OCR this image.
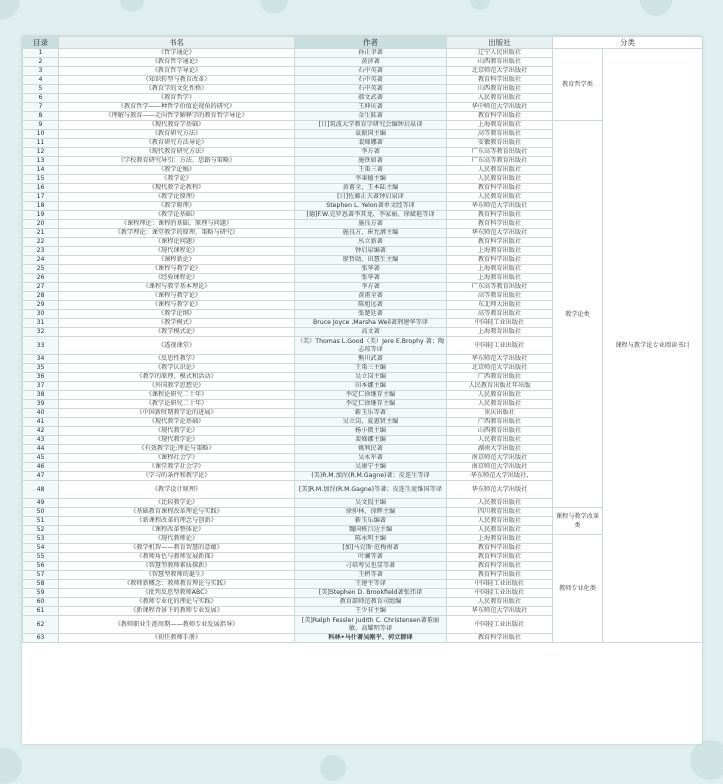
目录	书名	作者	出版社	分类	
1	《哲学通论》	孙正聿著	辽宁人民出版社	教育哲学类	课程与教学论专业阅读书目
2	《教育哲学通论》	黄济著	山西教育出版社		
3	《教育哲学导论》	石中英著	北京师范大学出版社		
4	《知识转型与教育改革》	石中英著	教育科学出版社		
5	《教育学的文化性格》	石中英著	山西教育出版社		
6	《教育哲学》	郝文武著	人民教育出版社		
7	《教育哲学——种哲学价值论视角的研究》	王坤庆著	华中师范大学出版社		
8	《理解与教育——走向哲学解释学的教育哲学导论》	金生鈜著	教育科学出版社		
9	《现代教育学基础》	[日]筑波大学教育学研究会编钟启泉译	上海教育出版社	教学论类	
10	《教育研究方法》	袁振国主编	高等教育出版社		
11	《教育研究方法导论》	裴娣娜著	安徽教育出版社		
12	《现代教育研究方法》	李方著	广东高等教育出版社		
13	《学校教育研究导引：方法、思路与策略》	施铁如著	广东高等教育出版社		
14	《教学论稿》	王策三著	人民教育出版社		
15	《教学论》	李秉德主编	人民教育出版社		
16	《现代教学论教程》	黄甫全、王本陆主编	教育科学出版社		
17	《教学论原理》	[日]佐藤正夫著钟启泉译	人民教育出版社		
18	《教学原理》	Stephen L. Yelon著单文经等译	华东师范大学出版社		
19	《教学论基础》	[德]F.W.克罗恩著李其龙、李家丽、徐斌艳等译	教育科学出版社		
20	《课程理论：课程的基础、原理与问题》	施良方著	教育科学出版社		
21	《教学理论：课堂教学的原理、策略与研究》	施良方、崔允漷主编	华东师范大学出版社		
22	《课程论问题》	丛立新著	教育科学出版社		
23	《现代课程论》	钟启泉编著	上海教育出版社		
24	《课程新论》	廖哲勋、田慧生主编	教育科学出版社		
25	《课程与教学论》	张华著	上海教育出版社		
26	《经验课程论》	张华著	上海教育出版社		
27	《课程与教学基本理论》	李方著	广东高等教育出版社		
28	《课程与教学论》	黄甫全著	高等教育出版社		
29	《课程与教学论》	陈旭远著	东北师大出版社		
30	《教学论纲》	张楚廷著	高等教育出版社		
31	《教学模式》	Bruce Joyce ,Marsha Weil著荆建华等译	中国轻工业出版社		
32	《教学模式论》	高文著	上海教育出版社		
33	《透视课堂》	（美）Thomas L.Good（美）Jere E.Brophy 著；陶志琼等译	中国轻工业出版社		
34	《反思性教学》	熊川武著	华东师范大学出版社		
35	《教学认识论》	王策三主编	北京师范大学出版社		
36	《教学的原理、模式和活动》	吴立岗主编	广西教育出版社		
37	《外国教学思想史》	田本娜主编	人民教育出版社年出版		
38	《课程论研究二十年》	李定仁徐继存主编	人民教育出版社		
39	《教学论研究二十年》	李定仁徐继存主编	人民教育出版社		
40	《中国新时期教学论的进展》	靳玉乐等著	重庆出版社		
41	《现代教学论基础》	吴立岗，夏惠贤主编	广西教育出版社		
42	《现代教学论》	杨小微主编	山西教育出版社		
43	《现代教学论》	裴娣娜主编	人民教育出版社		
44	《有效教学论:理论与策略》	姚利民著	湖南大学出版社		
45	《课程社会学》	吴永军著	南京师范大学出版社		
46	《课堂教学社会学》	吴康宁主编	南京师范大学出版社		
47	《学习的条件和教学论》	(美)R.M.加涅(R.M.Gagne)著；皮连生等译	华东师范大学出版社,		
48	《教学设计原理》	[美]R.M.加涅(R.M.Gagne)等著；皮连生庞维国等译	华东师范大学出版社		
49	《比较教学论》	吴文侃主编	人民教育出版社		
50	《基础教育课程改革理论与实践》	徐仲林、徐辉主编	四川教育出版社	课程与教学改革类	
51	《新课程改革的理念与创新》	靳玉乐编著	人民教育出版社		
52	《课程改革整体论》	魏国栋吕达主编	人民教育出版社		
53	《现代教师论》	陈永明主编	上海教育出版社	教师专业化类	
54	《教学机智——教育智慧的意蕴》	[加]马克斯·范梅南著	教育科学出版社		
55	《教师角色与教师发展新探》	叶澜等著	教育科学出版社		
56	《智慧型教师素质探新》	刁培萼吴也显等著	教育科学出版社		
57	《智慧型教师的诞生》	王枬等著	教育科学出版社		
58	《教师新概念：教师教育理论与实践》	王建平等译	中国轻工业出版社		
59	《批判反思型教师ABC》	[美]Stephen D. Brookfield著张伟译	中国轻工业出版社		
60	《教师专业化的理论与实践》	教育部师范教育司组编	人民教育出版社		
61	《新课程背景下的教师专业发展》	王少非主编	华东师范大学出版社		
62	《教师职业生涯周期——教师专业发展指导》	[美]Ralph Fessler Judith C. Christensen著董丽敏、高耀明等译	中国轻工业出版社		
63	《初任教师手册》	科林•马什著吴刚平、何立群译	教育科学出版社		
